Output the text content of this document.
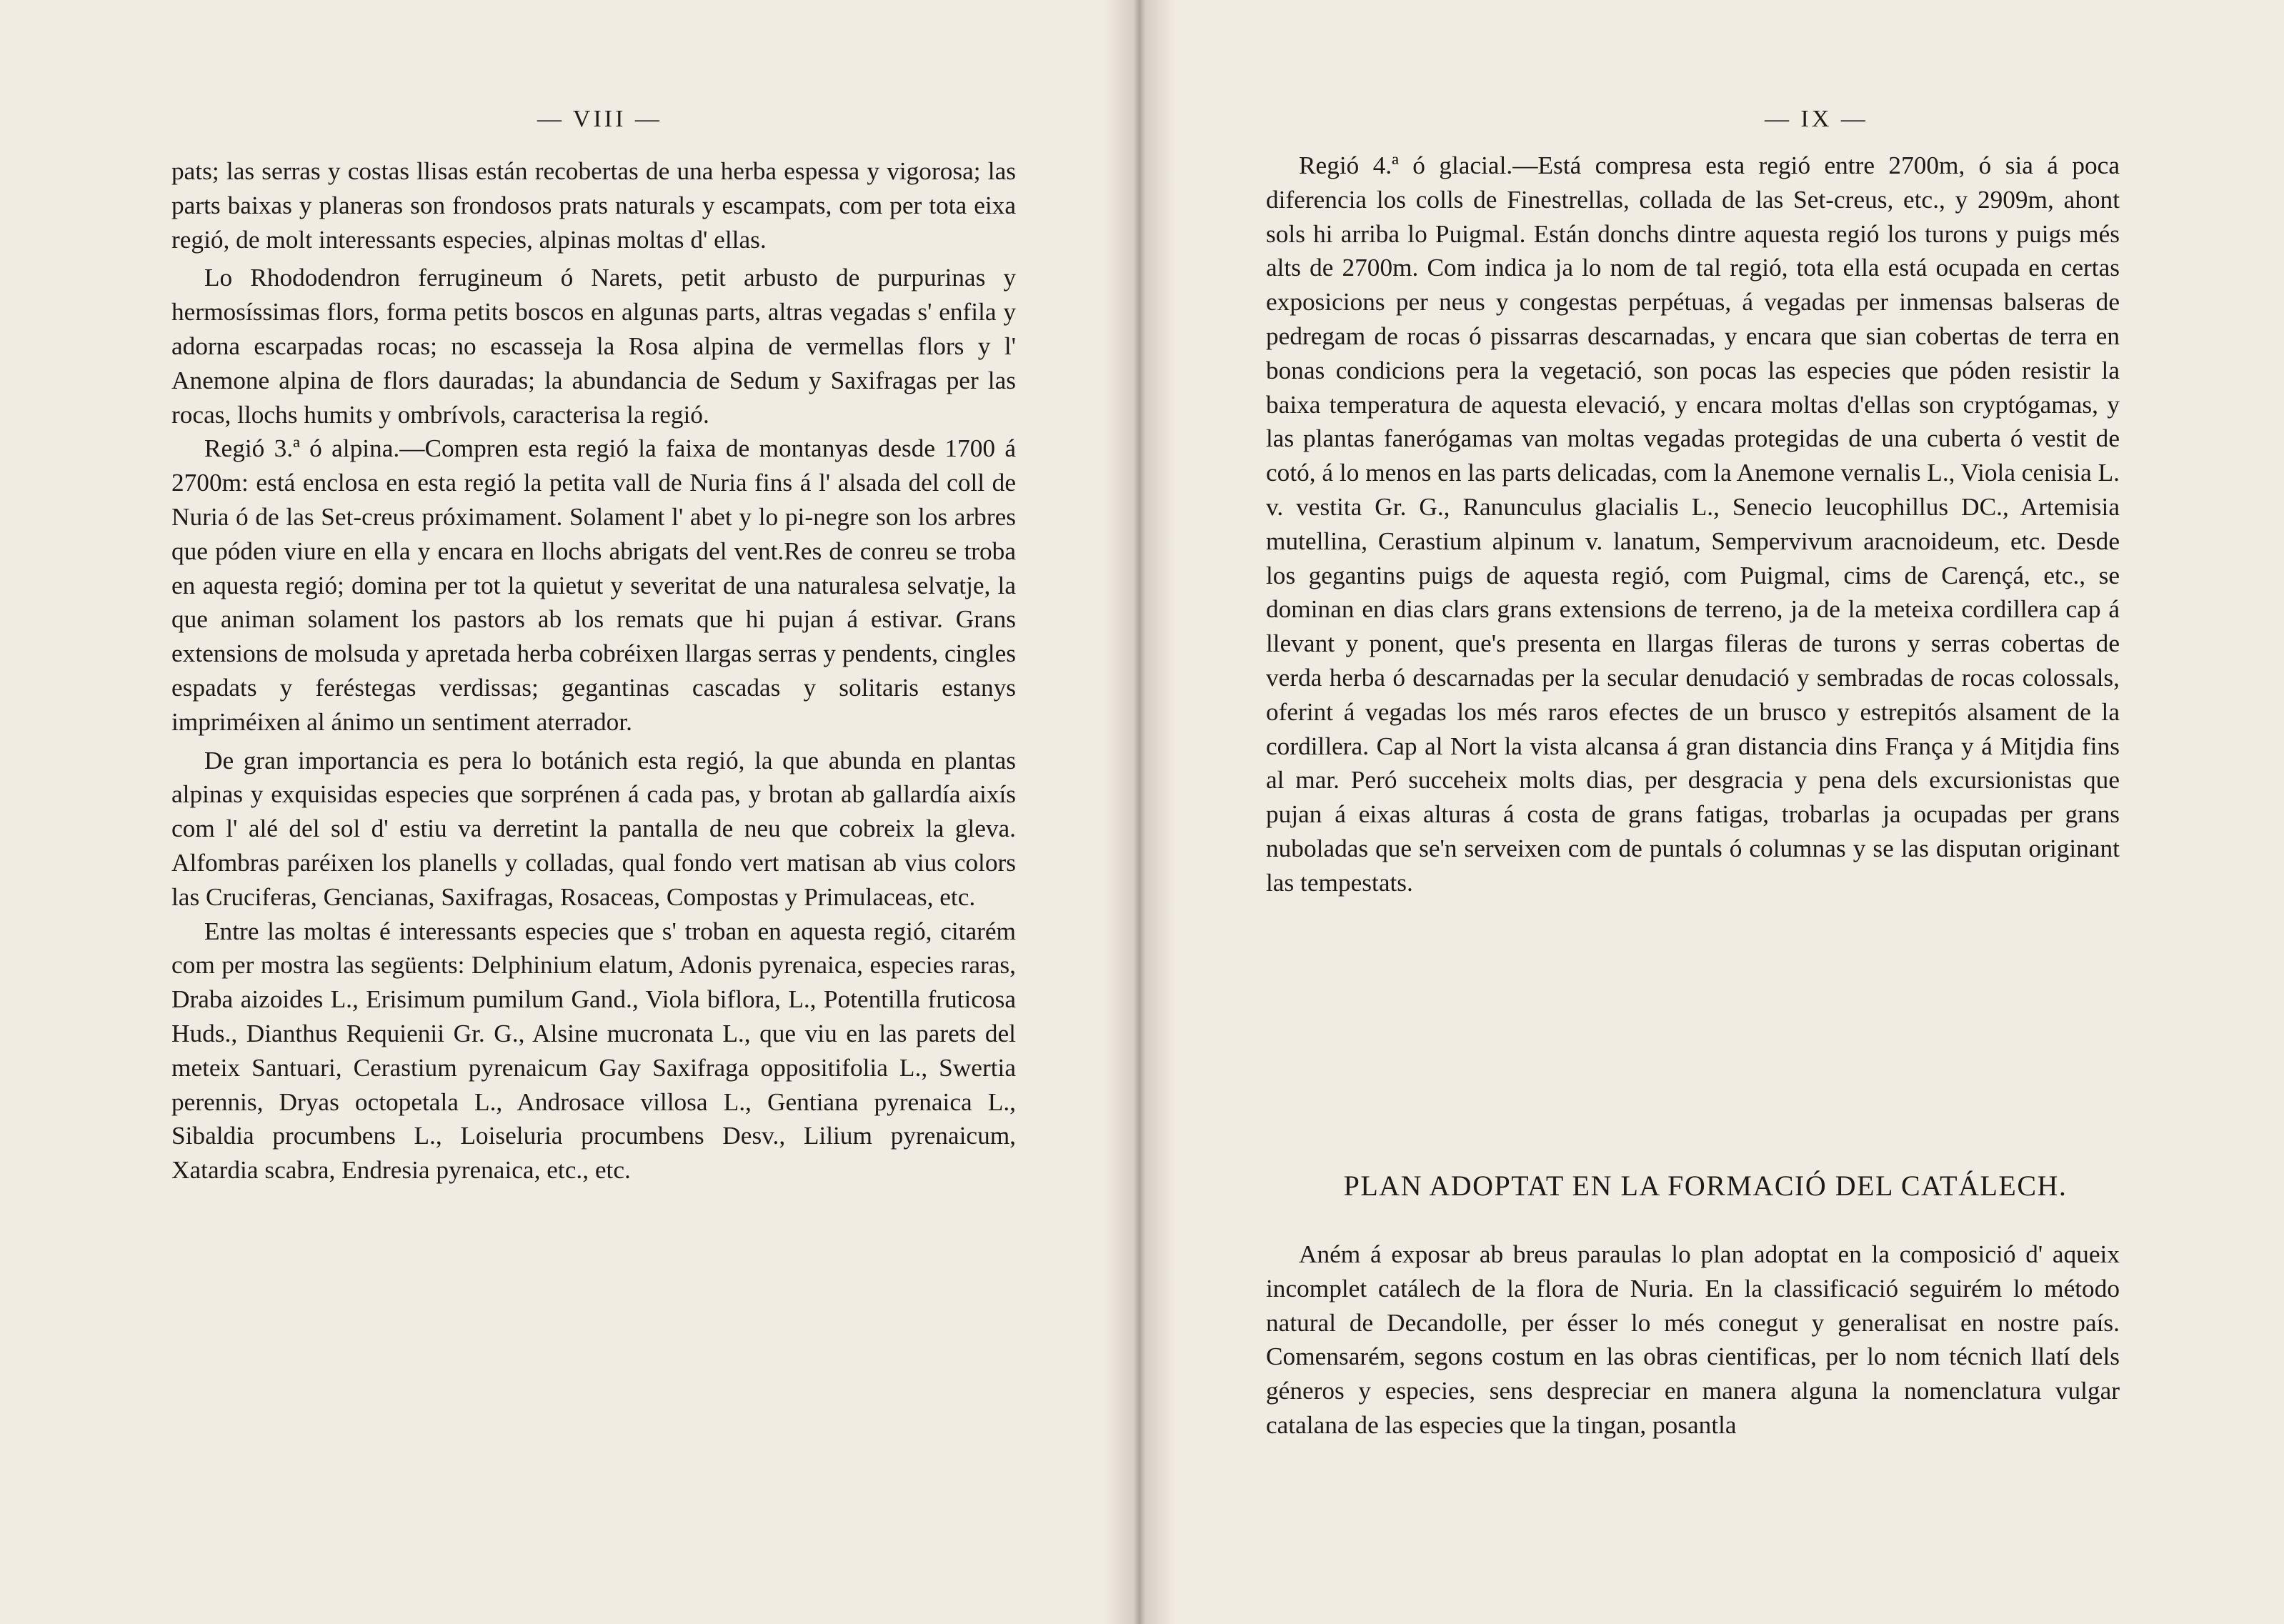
— VIII —

pats; las serras y costas llisas están recobertas de una herba espessa y vigorosa; las parts baixas y planeras son frondosos prats naturals y escampats, com per tota eixa regió, de molt interessants especies, alpinas moltas d' ellas.

Lo Rhododendron ferrugineum ó Narets, petit arbusto de purpurinas y hermosíssimas flors, forma petits boscos en algunas parts, altras vegadas s' enfila y adorna escarpadas rocas; no escasseja la Rosa alpina de vermellas flors y l' Anemone alpina de flors dauradas; la abundancia de Sedum y Saxifragas per las rocas, llochs humits y ombrívols, caracterisa la regió.

Regió 3.ª ó alpina.—Compren esta regió la faixa de montanyas desde 1700 á 2700m: está enclosa en esta regió la petita vall de Nuria fins á l' alsada del coll de Nuria ó de las Set-creus próximament. Solament l' abet y lo pi-negre son los arbres que póden viure en ella y encara en llochs abrigats del vent.Res de conreu se troba en aquesta regió; domina per tot la quietut y severitat de una naturalesa selvatje, la que animan solament los pastors ab los remats que hi pujan á estivar. Grans extensions de molsuda y apretada herba cobréixen llargas serras y pendents, cingles espadats y feréstegas verdissas; gegantinas cascadas y solitaris estanys impriméixen al ánimo un sentiment aterrador.

De gran importancia es pera lo botánich esta regió, la que abunda en plantas alpinas y exquisidas especies que sorprénen á cada pas, y brotan ab gallardía aixís com l' alé del sol d' estiu va derretint la pantalla de neu que cobreix la gleva. Alfombras paréixen los planells y colladas, qual fondo vert matisan ab vius colors las Cruciferas, Gencianas, Saxifragas, Rosaceas, Compostas y Primulaceas, etc.

Entre las moltas é interessants especies que s' troban en aquesta regió, citarém com per mostra las següents: Delphinium elatum, Adonis pyrenaica, especies raras, Draba aizoides L., Erisimum pumilum Gand., Viola biflora, L., Potentilla fruticosa Huds., Dianthus Requienii Gr. G., Alsine mucronata L., que viu en las parets del meteix Santuari, Cerastium pyrenaicum Gay Saxifraga oppositifolia L., Swertia perennis, Dryas octopetala L., Androsace villosa L., Gentiana pyrenaica L., Sibaldia procumbens L., Loiseluria procumbens Desv., Lilium pyrenaicum, Xatardia scabra, Endresia pyrenaica, etc., etc.

— IX —

Regió 4.ª ó glacial.—Está compresa esta regió entre 2700m, ó sia á poca diferencia los colls de Finestrellas, collada de las Set-creus, etc., y 2909m, ahont sols hi arriba lo Puigmal. Están donchs dintre aquesta regió los turons y puigs més alts de 2700m. Com indica ja lo nom de tal regió, tota ella está ocupada en certas exposicions per neus y congestas perpétuas, á vegadas per inmensas balseras de pedregam de rocas ó pissarras descarnadas, y encara que sian cobertas de terra en bonas condicions pera la vegetació, son pocas las especies que póden resistir la baixa temperatura de aquesta elevació, y encara moltas d'ellas son cryptógamas, y las plantas fanerógamas van moltas vegadas protegidas de una cuberta ó vestit de cotó, á lo menos en las parts delicadas, com la Anemone vernalis L., Viola cenisia L. v. vestita Gr. G., Ranunculus glacialis L., Senecio leucophillus DC., Artemisia mutellina, Cerastium alpinum v. lanatum, Sempervivum aracnoideum, etc. Desde los gegantins puigs de aquesta regió, com Puigmal, cims de Carençá, etc., se dominan en dias clars grans extensions de terreno, ja de la meteixa cordillera cap á llevant y ponent, que's presenta en llargas fileras de turons y serras cobertas de verda herba ó descarnadas per la secular denudació y sembradas de rocas colossals, oferint á vegadas los més raros efectes de un brusco y estrepitós alsament de la cordillera. Cap al Nort la vista alcansa á gran distancia dins França y á Mitjdia fins al mar. Peró succeheix molts dias, per desgracia y pena dels excursionistas que pujan á eixas alturas á costa de grans fatigas, trobarlas ja ocupadas per grans nuboladas que se'n serveixen com de puntals ó columnas y se las disputan originant las tempestats.

PLAN ADOPTAT EN LA FORMACIÓ DEL CATÁLECH.

Aném á exposar ab breus paraulas lo plan adoptat en la composició d' aqueix incomplet catálech de la flora de Nuria. En la classificació seguirém lo método natural de Decandolle, per ésser lo més conegut y generalisat en nostre país. Comensarém, segons costum en las obras cientificas, per lo nom técnich llatí dels géneros y especies, sens despreciar en manera alguna la nomenclatura vulgar catalana de las especies que la tingan, posantla
